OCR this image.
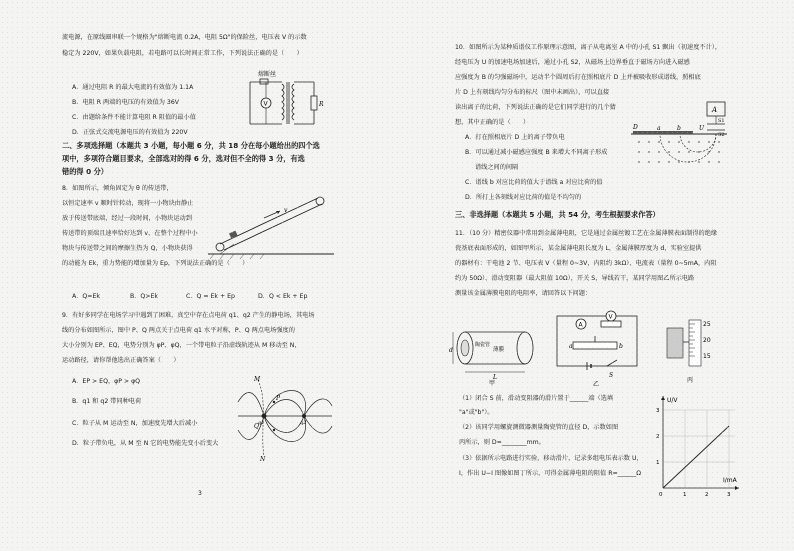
流电源，在原线圈串联一个规格为"熔断电流 0.2A，电阻 5Ω"的保险丝，电压表 V 的示数
稳定为 220V，如果负载电阻，若电路可以长时间正常工作，下列说法正确的是（　　）
A．通过电阻 R 的最大电流的有效值为 1.1A
B．电阻 R 两端的电压的有效值为 36V
C．由题给条件不能计算电阻 R 阻值的最小值
D．正弦式交流电源电压的有效值为 220V
熔断丝
V	R
二、多项选择题（本题共 3 小题，每小题 6 分，共 18 分在每小题给出的四个选
项中，多项符合题目要求，全部选对的得 6 分，选对但不全的得 3 分，有选
错的得 0 分）
8．如图所示，倾角固定为 θ 的传送带，
以恒定速率 v 顺时针转动，现将一小物块由静止
放于传送带底端，经过一段时间，小物块运动到
传送带的顶端且速率恰好达到 v，在整个过程中小
物块与传送带之间的摩擦生热为 Q，小物块获得
的动能为 Ek，重力势能的增加量为 Ep，下列说法正确的是（　　）
v
A．Q=Ek	B．Q>Ek	C．Q = Ek + Ep	D．Q < Ek + Ep
9．有好多同学在电场学习中遇到了困难，真空中存在点电荷 q1、q2 产生的静电场，其电场
线的分布如图所示，图中 P、Q 两点关于点电荷 q1 水平对称，P、Q 两点电场强度的
大小分别为 EP、EQ，电势分别为 φP、φQ，一个带电粒子沿虚线轨迹从 M 移动至 N，
运动路径，请你帮他选出正确答案（　　）
A．EP > EQ，φP > φQ
B．q1 和 q2 带同种电荷
C．粒子从 M 运动至 N，加速度先增大后减小
D．粒子带负电，从 M 至 N 它的电势能先变小后变大
M
P
Q q1	q2
N
3
10．如图所示为某种质谱仪工作原理示意图，离子从电离室 A 中的小孔 S1 飘出（初速度不计），
经电压为 U 的加速电场加速后，通过小孔 S2，从磁场上边界垂直于磁场方向进入磁感
应强度为 B 的匀强磁场中，运动半个圆周后打在照相底片 D 上并被吸收形成谱线，照相底
片 D 上有刻线均匀分布的标尺（图中未画出），可以直接
读出离子的比荷，下列说法正确的是它们同学进行的几个猜
想，其中正确的是（　　）
A．打在照相底片 D 上的离子带负电
B．可以通过减小磁感应强度 B 来增大不同离子形成
谱线之间的间隔
C．谱线 b 对应比荷的值大于谱线 a 对应比荷的值
D．所打上各刻线对应比荷的值是不均匀的
A
S1
U
S2
D	a	b
三、非选择题（本题共 5 小题，共 54 分，考生根据要求作答）
11．（10 分）精密仪器中常用到金属薄电阻，它是通过金属丝镀工艺在金属薄膜表面制得的绝缘
瓷基底表面形成的，如图甲所示，某金属薄电阻长度为 L，金属薄膜厚度为 d，实验室提供
的器材有：干电池 2 节、电压表 V（量程 0~3V，内阻约 3kΩ）、电流表（量程 0~5mA，内阻
约为 50Ω）、滑动变阻器（最大阻值 10Ω），开关 S，导线若干，某同学用图乙所示电路
测量该金属薄膜电阻的电阻率，请回答以下问题：
陶瓷管
薄膜
d
L
甲
A
V
a	b
S
乙
25
20
15
丙
（1）闭合 S 前，滑动变阻器的滑片置于______端（选填
"a"或"b"）。
（2）该同学用螺旋测微器测量陶瓷管的直径 D，示数如图
丙所示，则 D=________mm。
（3）依据所示电路进行实验，移动滑片，记录多组电压表示数 U，
I，作出 U−I 图像如图丁所示，可得金属薄电阻的阻值 R=______Ω
U/V
I/mA
0	1	2	3
1
2
3
